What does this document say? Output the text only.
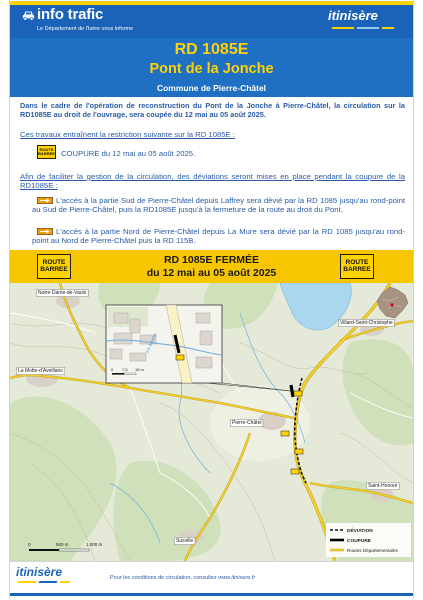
info trafic
Le Département de l'Isère vous informe
itinisère
RD 1085E
Pont de la Jonche
Commune de Pierre-Châtel

Dans le cadre de l'opération de reconstruction du Pont de la Jonche à Pierre-Châtel, la circulation sur la RD1085E au droit de l'ouvrage, sera coupée du 12 mai au 05 août 2025.

Ces travaux entraînent la restriction suivante sur la RD 1085E :

ROUTE
BARREE COUPURE du 12 mai au 05 août 2025.

Afin de faciliter la gestion de la circulation, des déviations seront mises en place pendant la coupure de la RD1085E :

L'accès à la partie Sud de Pierre-Châtel depuis Laffrey sera dévié par la RD 1085 jusqu'au rond-point au Sud de Pierre-Châtel, puis la RD1085E jusqu'à la fermeture de la route au droit du Pont.

L'accès à la partie Nord de Pierre-Châtel depuis La Mure sera dévié par la RD 1085 jusqu'au rond-point au Nord de Pierre-Châtel puis la RD 115B.

ROUTE
BARREE
RD 1085E FERMÉE
du 12 mai au 05 août 2025
ROUTE
BARREE
La Jonche
0 7,5 15 m
Notre-Dame-de-Vaulx
Villard-Saint-Christophe
La Motte-d'Aveillans
Pierre-Châtel
Saint-Honoré
Susville
0	500 m	1 000 m
DÉVIATION
COUPURE
Routes Départementales
itinisère	Pour les conditions de circulation, consultez www.itinisere.fr
